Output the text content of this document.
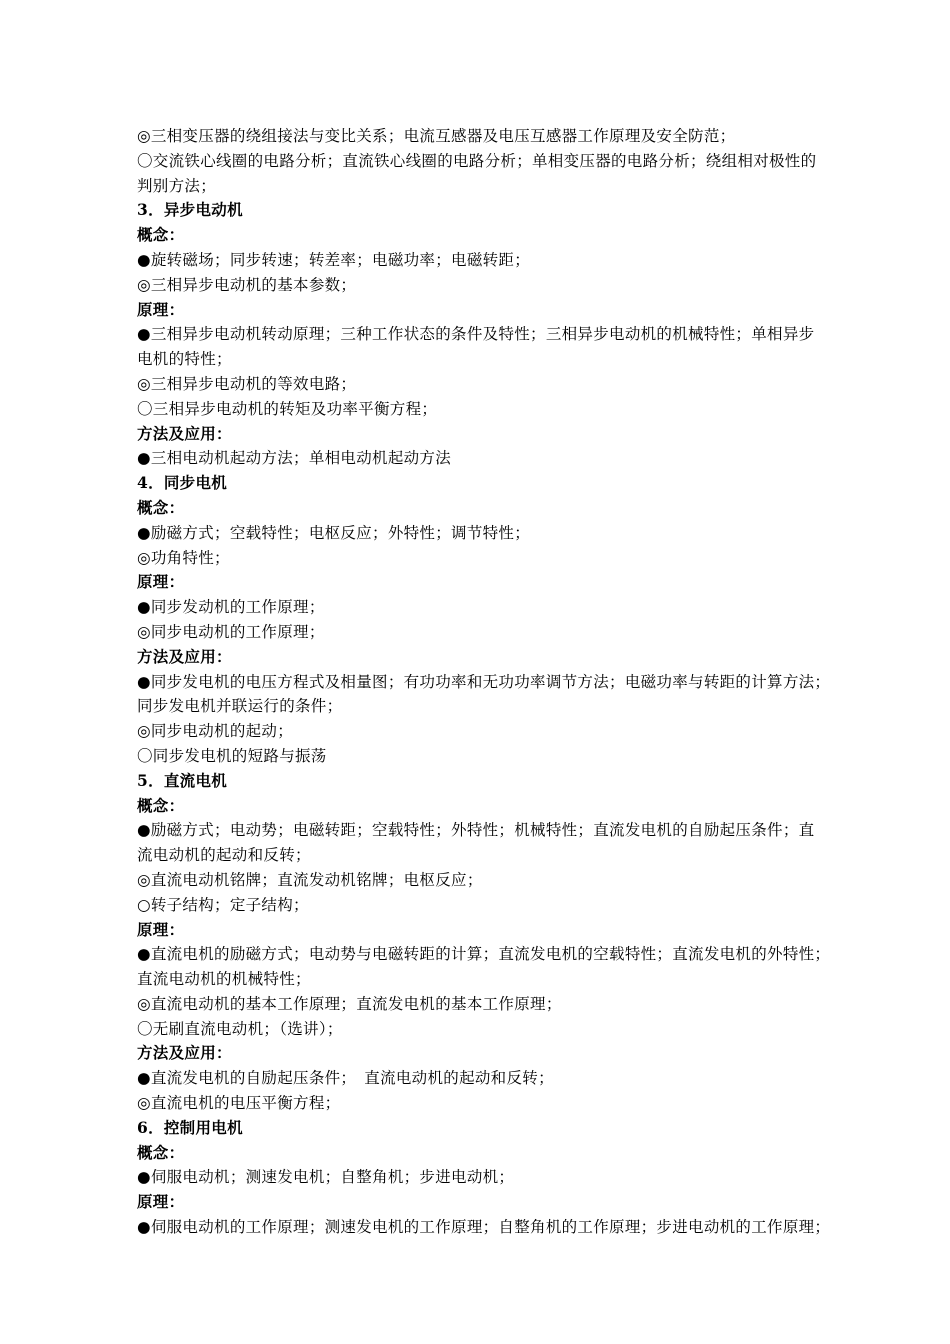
◎三相变压器的绕组接法与变比关系；电流互感器及电压互感器工作原理及安全防范；
〇交流铁心线圈的电路分析；直流铁心线圈的电路分析；单相变压器的电路分析；绕组相对极性的
判别方法；
3．异步电动机
概念：
●旋转磁场；同步转速；转差率；电磁功率；电磁转距；
◎三相异步电动机的基本参数；
原理：
●三相异步电动机转动原理；三种工作状态的条件及特性；三相异步电动机的机械特性；单相异步
电机的特性；
◎三相异步电动机的等效电路；
〇三相异步电动机的转矩及功率平衡方程；
方法及应用：
●三相电动机起动方法；单相电动机起动方法
4．同步电机
概念：
●励磁方式；空载特性；电枢反应；外特性；调节特性；
◎功角特性；
原理：
●同步发动机的工作原理；
◎同步电动机的工作原理；
方法及应用：
●同步发电机的电压方程式及相量图；有功功率和无功功率调节方法；电磁功率与转距的计算方法；
同步发电机并联运行的条件；
◎同步电动机的起动；
〇同步发电机的短路与振荡
5．直流电机
概念：
●励磁方式；电动势；电磁转距；空载特性；外特性；机械特性；直流发电机的自励起压条件；直
流电动机的起动和反转；
◎直流电动机铭牌；直流发动机铭牌；电枢反应；
○转子结构；定子结构；
原理：
●直流电机的励磁方式；电动势与电磁转距的计算；直流发电机的空载特性；直流发电机的外特性；
直流电动机的机械特性；
◎直流电动机的基本工作原理；直流发电机的基本工作原理；
〇无刷直流电动机；（选讲）；
方法及应用：
●直流发电机的自励起压条件；　直流电动机的起动和反转；
◎直流电机的电压平衡方程；
6．控制用电机
概念：
●伺服电动机；测速发电机；自整角机；步进电动机；
原理：
●伺服电动机的工作原理；测速发电机的工作原理；自整角机的工作原理；步进电动机的工作原理；
